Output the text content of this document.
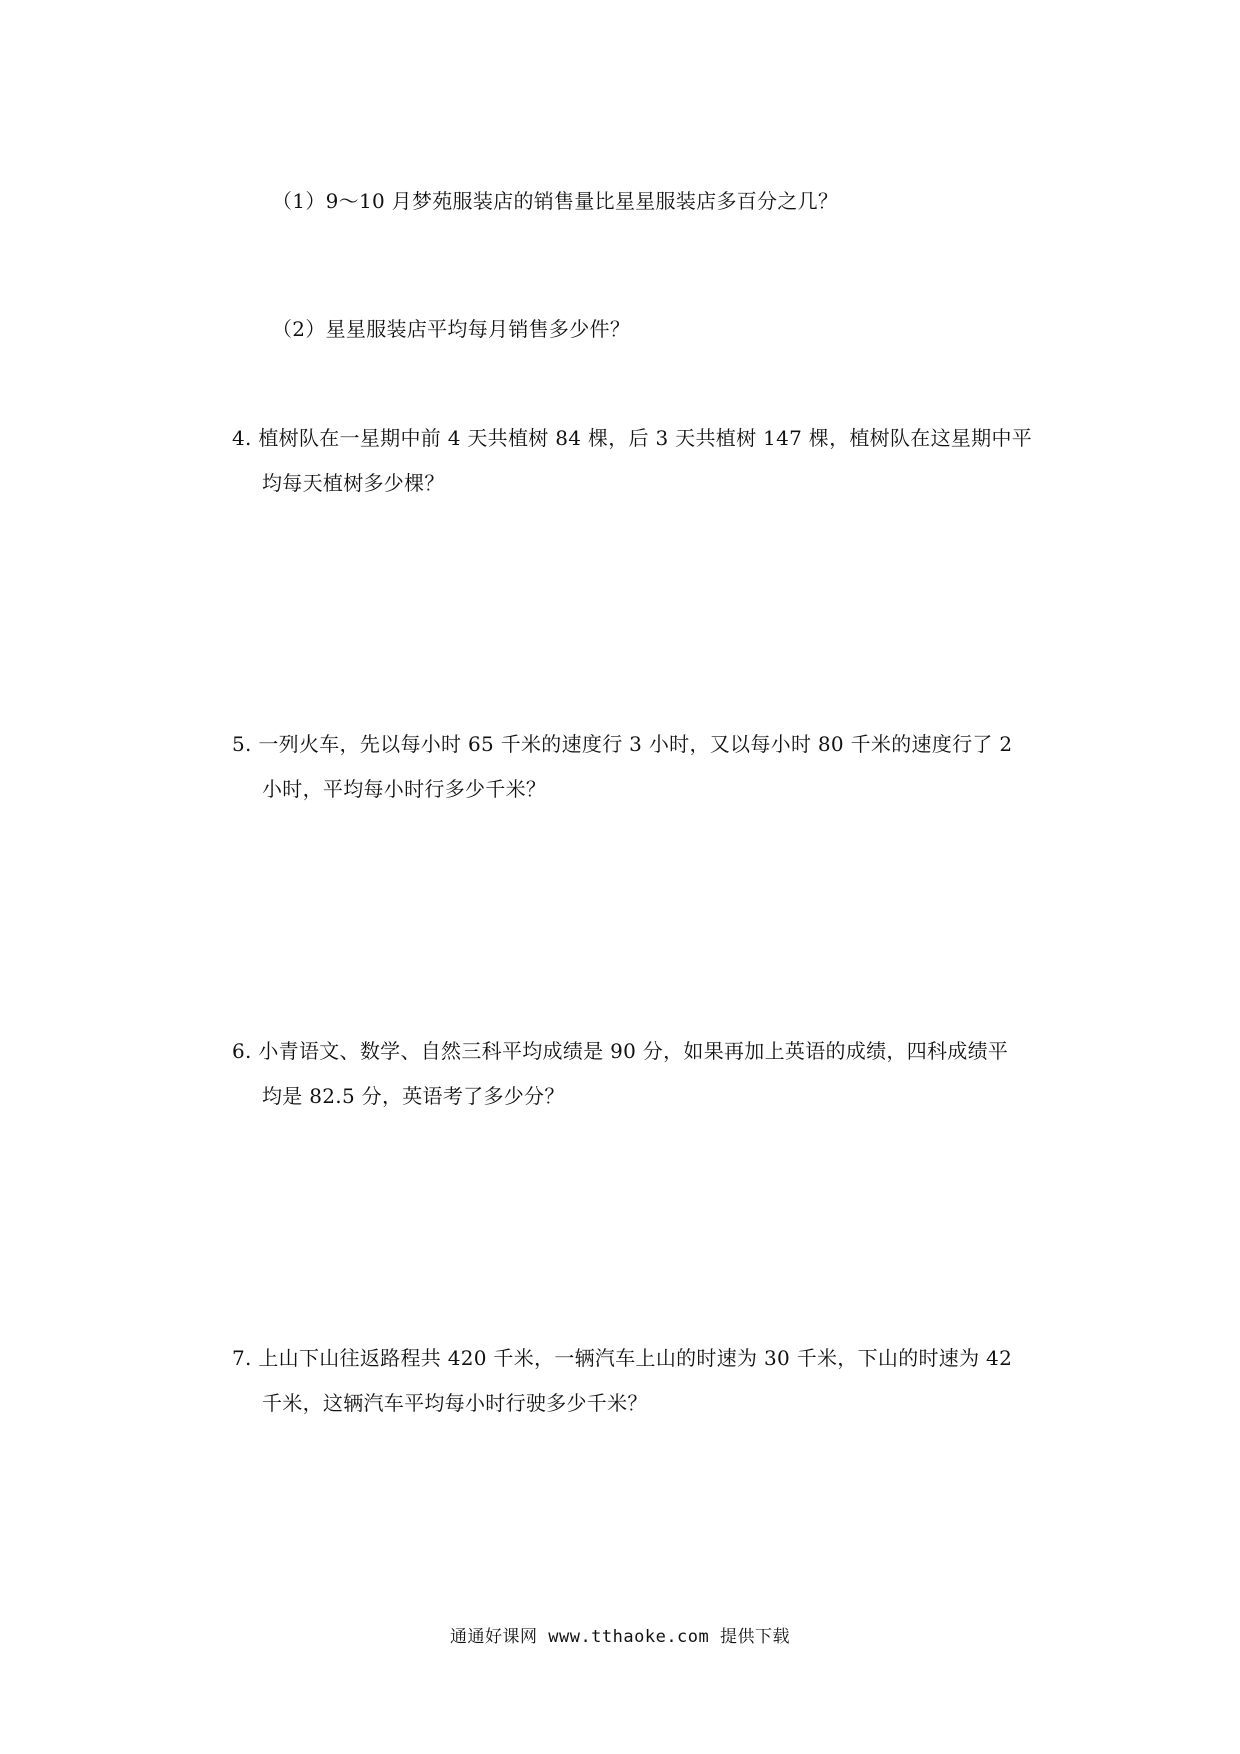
（1）9～10 月梦苑服装店的销售量比星星服装店多百分之几？
（2）星星服装店平均每月销售多少件？
4. 植树队在一星期中前 4 天共植树 84 棵，后 3 天共植树 147 棵，植树队在这星期中平
均每天植树多少棵？
5. 一列火车，先以每小时 65 千米的速度行 3 小时，又以每小时 80 千米的速度行了 2
小时，平均每小时行多少千米？
6. 小青语文、数学、自然三科平均成绩是 90 分，如果再加上英语的成绩，四科成绩平
均是 82.5 分，英语考了多少分？
7. 上山下山往返路程共 420 千米，一辆汽车上山的时速为 30 千米，下山的时速为 42
千米，这辆汽车平均每小时行驶多少千米？
通通好课网 www.tthaoke.com 提供下载
